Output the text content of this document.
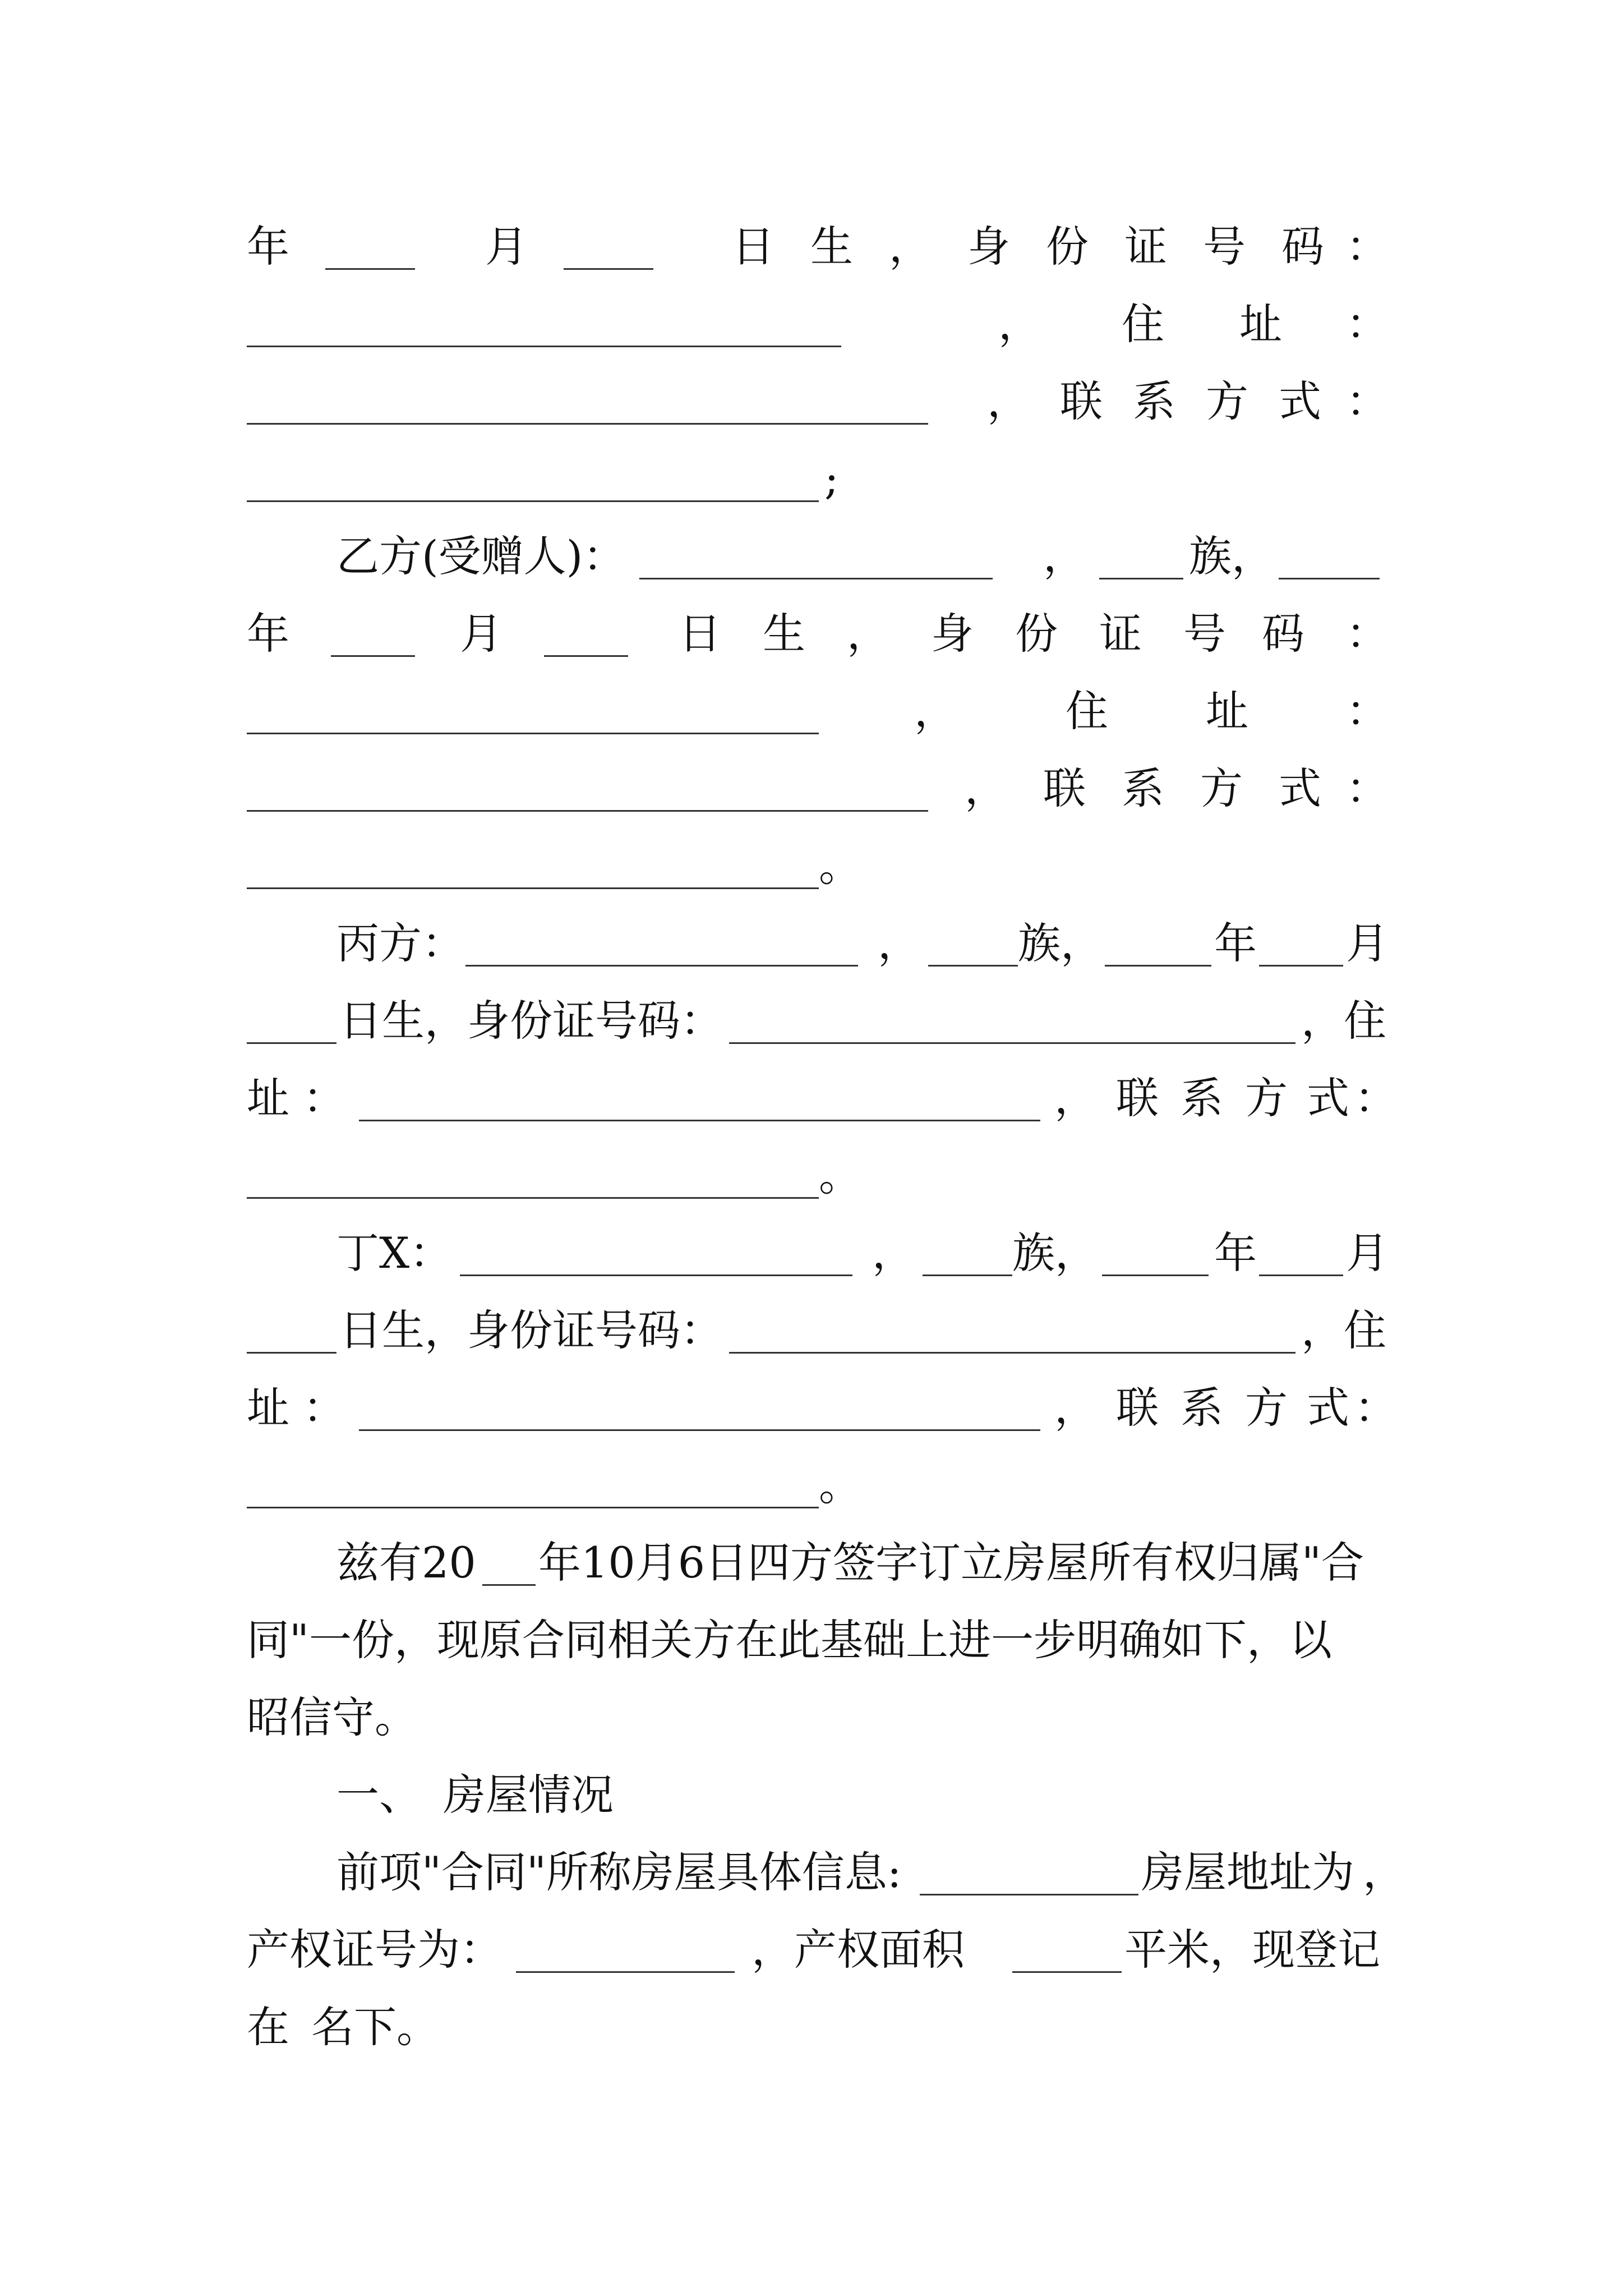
年	月	日 生 ， 身 份 证 号 码 ：
， 住 址 ：
， 联 系 方 式 ：
;
乙方(受赠人)：	， 族，
年	月	日 生 ， 身 份 证 号 码 ：
，	住 址 ：
， 联 系 方 式 ：
。
丙方：	， 族，	年 月
日生，身份证号码：	，住
址 ：	， 联 系 方 式 ：
。
丁X：	， 族，	年 月
日生，身份证号码：	，住
址 ：	， 联 系 方 式 ：
。
兹有20 年10月6日四方签字订立房屋所有权归属"合
同"一份，现原合同相关方在此基础上进一步明确如下，以
昭信守。
一、 房屋情况
前项"合同"所称房屋具体信息:	房屋地址为 ，
产权证号为：	，产权面积	平米，现登记
在 名下。
